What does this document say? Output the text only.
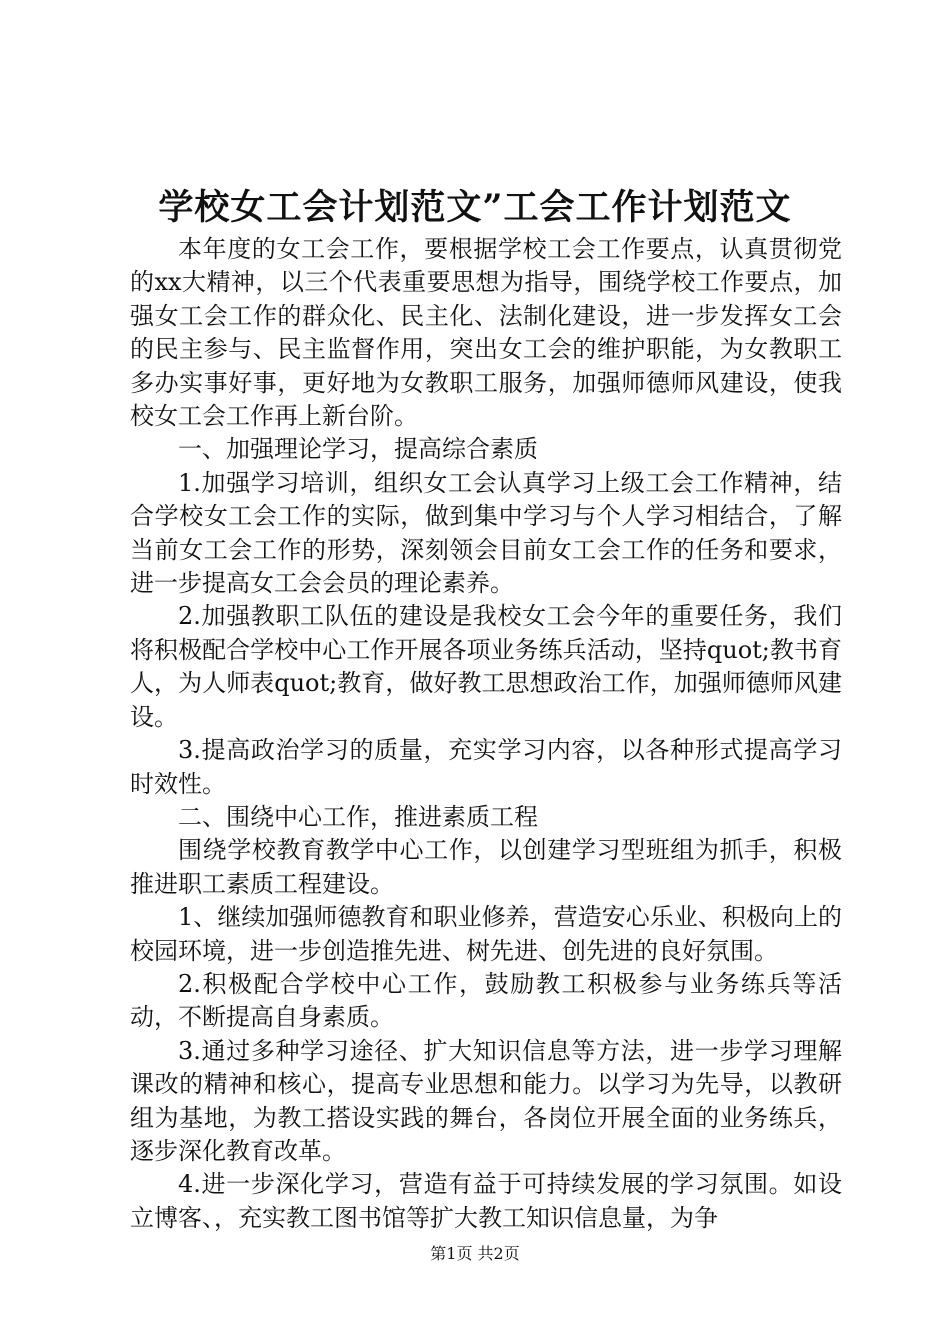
学校女工会计划范文”工会工作计划范文

本年度的女工会工作，要根据学校工会工作要点，认真贯彻党的xx大精神，以三个代表重要思想为指导，围绕学校工作要点，加强女工会工作的群众化、民主化、法制化建设，进一步发挥女工会的民主参与、民主监督作用，突出女工会的维护职能，为女教职工多办实事好事，更好地为女教职工服务，加强师德师风建设，使我校女工会工作再上新台阶。

一、加强理论学习，提高综合素质

1.加强学习培训，组织女工会认真学习上级工会工作精神，结合学校女工会工作的实际，做到集中学习与个人学习相结合，了解当前女工会工作的形势，深刻领会目前女工会工作的任务和要求，进一步提高女工会会员的理论素养。

2.加强教职工队伍的建设是我校女工会今年的重要任务，我们将积极配合学校中心工作开展各项业务练兵活动，坚持quot;教书育人，为人师表quot;教育，做好教工思想政治工作，加强师德师风建设。

3.提高政治学习的质量，充实学习内容，以各种形式提高学习时效性。

二、围绕中心工作，推进素质工程

围绕学校教育教学中心工作，以创建学习型班组为抓手，积极推进职工素质工程建设。

1、继续加强师德教育和职业修养，营造安心乐业、积极向上的校园环境，进一步创造推先进、树先进、创先进的良好氛围。

2.积极配合学校中心工作，鼓励教工积极参与业务练兵等活动，不断提高自身素质。

3.通过多种学习途径、扩大知识信息等方法，进一步学习理解课改的精神和核心，提高专业思想和能力。以学习为先导，以教研组为基地，为教工搭设实践的舞台，各岗位开展全面的业务练兵，逐步深化教育改革。

4.进一步深化学习，营造有益于可持续发展的学习氛围。如设立博客、，充实教工图书馆等扩大教工知识信息量，为争

第1页 共2页
